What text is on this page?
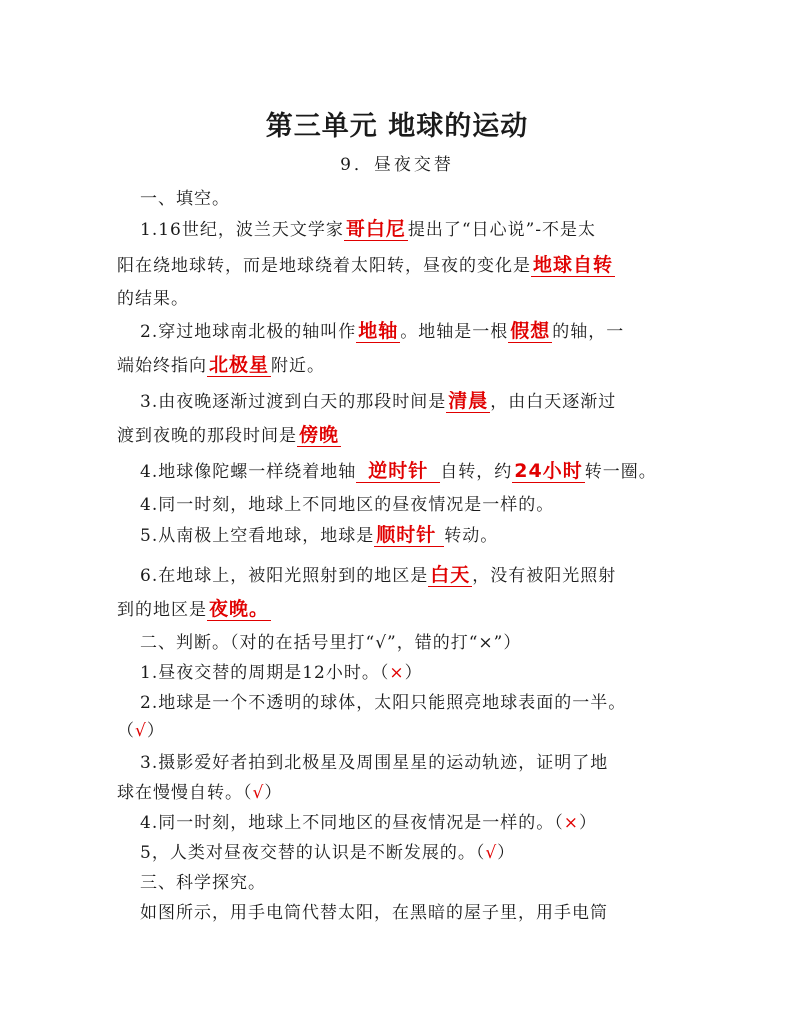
第三单元 地球的运动
9．昼夜交替
一、填空。
1.16世纪，波兰天文学家 哥白尼 提出了“日心说”-不是太
阳在绕地球转，而是地球绕着太阳转，昼夜的变化是 地球自转
的结果。
2.穿过地球南北极的轴叫作 地轴 。地轴是一根 假想 的轴，一
端始终指向 北极星 附近。
3.由夜晚逐渐过渡到白天的那段时间是 清晨 ，由白天逐渐过
渡到夜晚的那段时间是 傍晚
4.地球像陀螺一样绕着地轴 逆时针 自转，约 24小时 转一圈。
4.同一时刻，地球上不同地区的昼夜情况是一样的。
5.从南极上空看地球，地球是 顺时针 转动。
6.在地球上，被阳光照射到的地区是 白天 ，没有被阳光照射
到的地区是 夜晚。
二、判断。（对的在括号里打“√”，错的打“×”）
1.昼夜交替的周期是12小时。（×）
2.地球是一个不透明的球体，太阳只能照亮地球表面的一半。
（√）
3.摄影爱好者拍到北极星及周围星星的运动轨迹，证明了地
球在慢慢自转。（√）
4.同一时刻，地球上不同地区的昼夜情况是一样的。（×）
5，人类对昼夜交替的认识是不断发展的。（√）
三、科学探究。
如图所示，用手电筒代替太阳，在黑暗的屋子里，用手电筒
